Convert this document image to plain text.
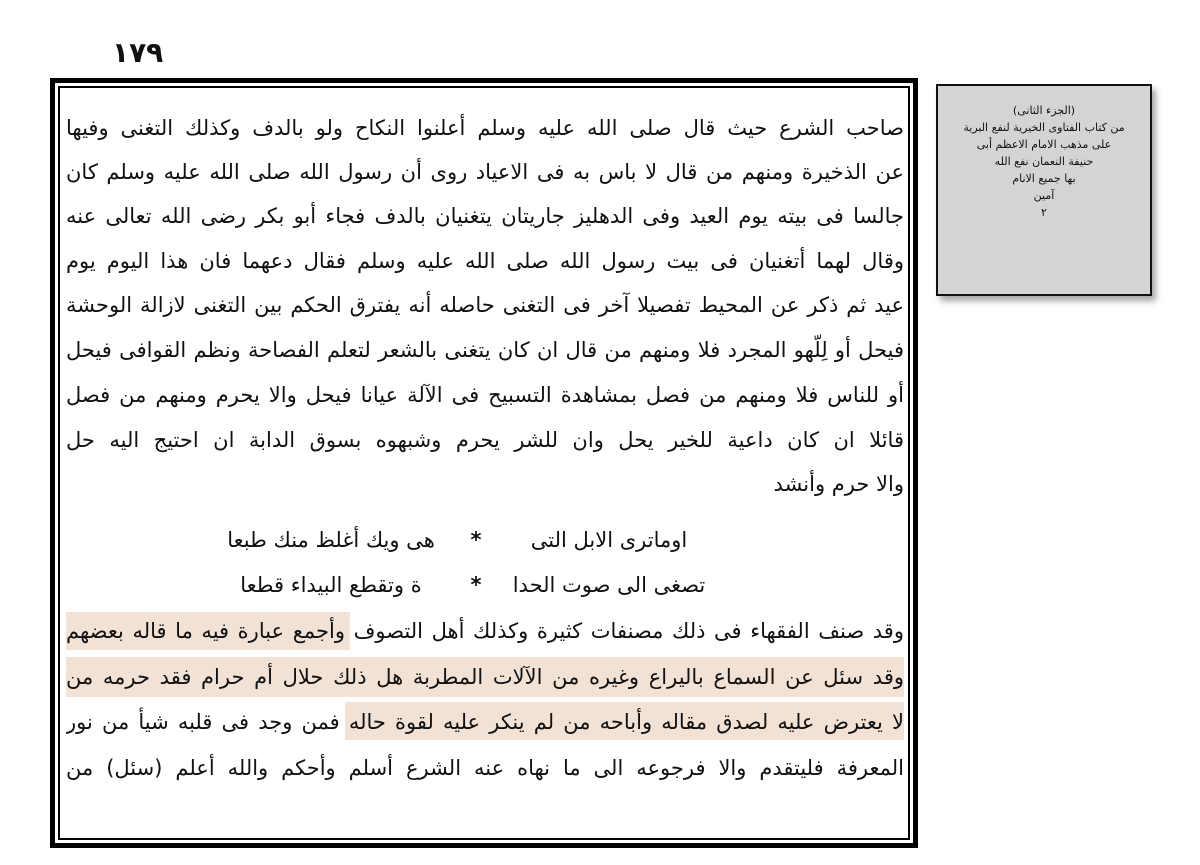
١٧٩
صاحب الشرع حيث قال صلى الله عليه وسلم أعلنوا النكاح ولو بالدف وكذلك التغنى وفيها
عن الذخيرة ومنهم من قال لا باس به فى الاعياد روى أن رسول الله صلى الله عليه وسلم كان
جالسا فى بيته يوم العيد وفى الدهليز جاريتان يتغنيان بالدف فجاء أبو بكر رضى الله تعالى عنه
وقال لهما أتغنيان فى بيت رسول الله صلى الله عليه وسلم فقال دعهما فان هذا اليوم يوم
عيد ثم ذكر عن المحيط تفصيلا آخر فى التغنى حاصله أنه يفترق الحكم بين التغنى لازالة الوحشة
فيحل أو لِلّهو المجرد فلا ومنهم من قال ان كان يتغنى بالشعر لتعلم الفصاحة ونظم القوافى فيحل
أو للناس فلا ومنهم من فصل بمشاهدة التسبيح فى الآلة عيانا فيحل والا يحرم ومنهم من فصل
قائلا ان كان داعية للخير يحل وان للشر يحرم وشبهوه بسوق الدابة ان احتيج اليه حل
والا حرم وأنشد
اوماترى الابل التى
*
هى ويك أغلظ منك طبعا
تصغى الى صوت الحدا
*
ة وتقطع البيداء قطعا
وقد صنف الفقهاء فى ذلك مصنفات كثيرة وكذلك أهل التصوف وأجمع عبارة فيه ما قاله بعضهم
وقد سئل عن السماع باليراع وغيره من الآلات المطربة هل ذلك حلال أم حرام فقد حرمه من
لا يعترض عليه لصدق مقاله وأباحه من لم ينكر عليه لقوة حاله فمن وجد فى قلبه شيأ من نور
المعرفة فليتقدم والا فرجوعه الى ما نهاه عنه الشرع أسلم وأحكم والله أعلم (سئل) من
(الجزء الثانى)
من كتاب الفتاوى الخيرية لنفع البرية
على مذهب الامام الاعظم أبى
حنيفة النعمان نفع الله
بها جميع الانام
آمين
٢
